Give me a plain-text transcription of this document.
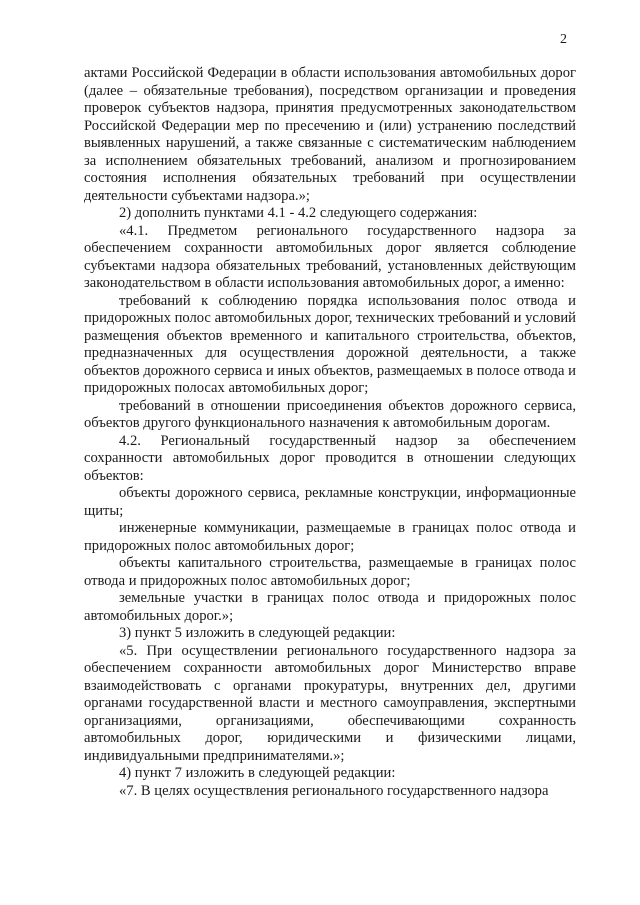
2

актами Российской Федерации в области использования автомобильных дорог (далее – обязательные требования), посредством организации и проведения проверок субъектов надзора, принятия предусмотренных законодательством Российской Федерации мер по пресечению и (или) устранению последствий выявленных нарушений, а также связанные с систематическим наблюдением за исполнением обязательных требований, анализом и прогнозированием состояния исполнения обязательных требований при осуществлении деятельности субъектами надзора.»;

2) дополнить пунктами 4.1 - 4.2 следующего содержания:

«4.1. Предметом регионального государственного надзора за обеспечением сохранности автомобильных дорог является соблюдение субъектами надзора обязательных требований, установленных действующим законодательством в области использования автомобильных дорог, а именно:

требований к соблюдению порядка использования полос отвода и придорожных полос автомобильных дорог, технических требований и условий размещения объектов временного и капитального строительства, объектов, предназначенных для осуществления дорожной деятельности, а также объектов дорожного сервиса и иных объектов, размещаемых в полосе отвода и придорожных полосах автомобильных дорог;

требований в отношении присоединения объектов дорожного сервиса, объектов другого функционального назначения к автомобильным дорогам.

4.2. Региональный государственный надзор за обеспечением сохранности автомобильных дорог проводится в отношении следующих объектов:

объекты дорожного сервиса, рекламные конструкции, информационные щиты;

инженерные коммуникации, размещаемые в границах полос отвода и придорожных полос автомобильных дорог;

объекты капитального строительства, размещаемые в границах полос отвода и придорожных полос автомобильных дорог;

земельные участки в границах полос отвода и придорожных полос автомобильных дорог.»;

3) пункт 5 изложить в следующей редакции:

«5. При осуществлении регионального государственного надзора за обеспечением сохранности автомобильных дорог Министерство вправе взаимодействовать с органами прокуратуры, внутренних дел, другими органами государственной власти и местного самоуправления, экспертными организациями, организациями, обеспечивающими сохранность автомобильных дорог, юридическими и физическими лицами, индивидуальными предпринимателями.»;

4) пункт 7 изложить в следующей редакции:

«7. В целях осуществления регионального государственного надзора
